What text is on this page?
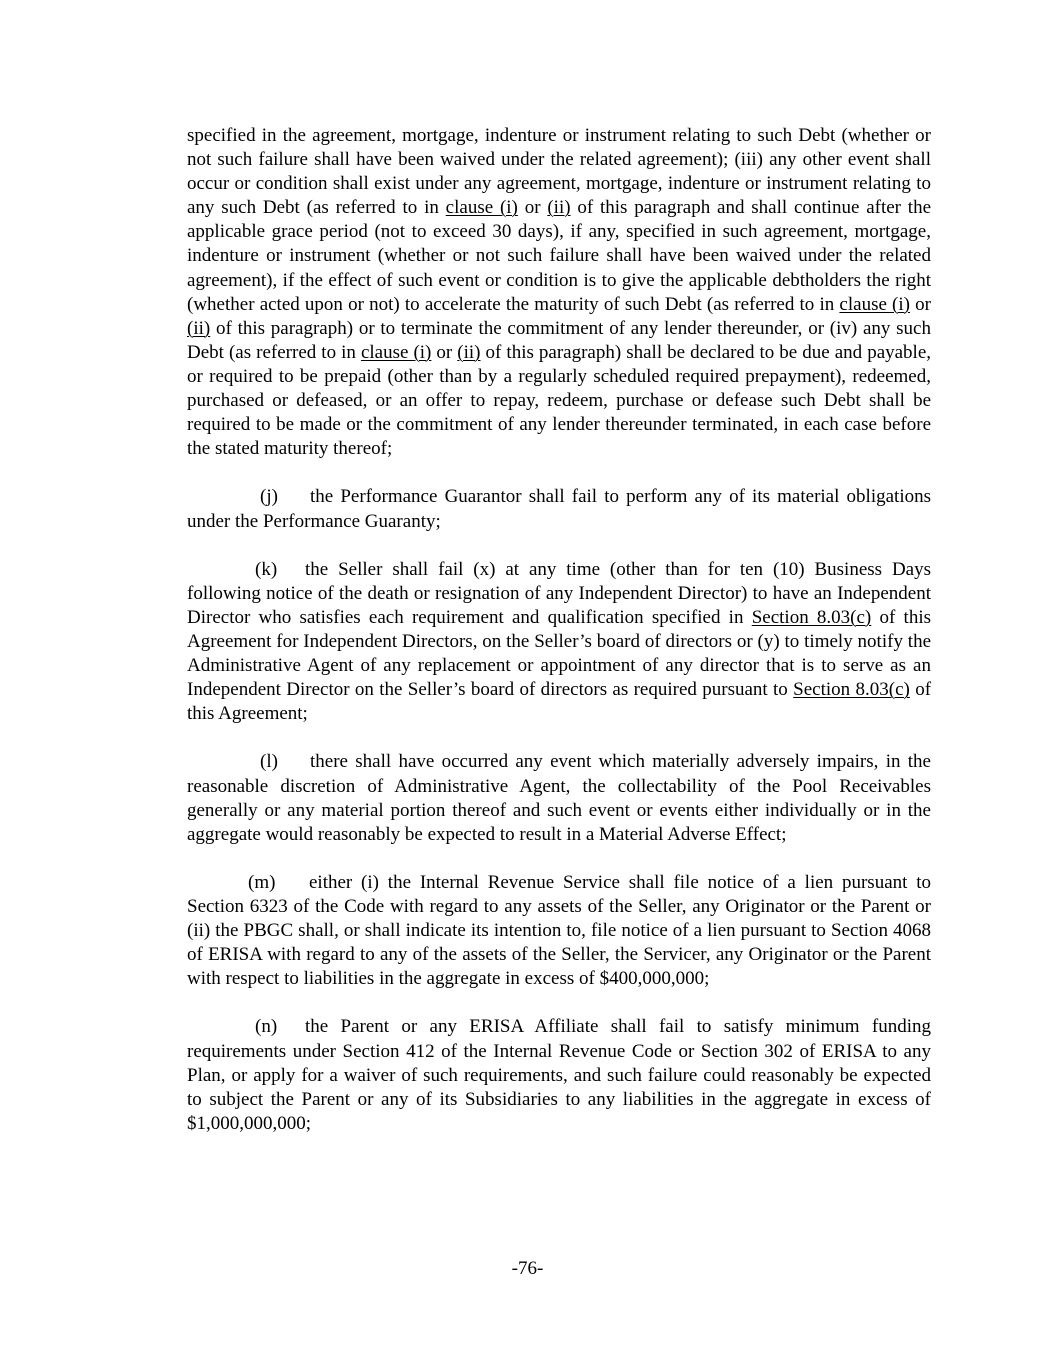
specified in the agreement, mortgage, indenture or instrument relating to such Debt (whether or not such failure shall have been waived under the related agreement); (iii) any other event shall occur or condition shall exist under any agreement, mortgage, indenture or instrument relating to any such Debt (as referred to in clause (i) or (ii) of this paragraph and shall continue after the applicable grace period (not to exceed 30 days), if any, specified in such agreement, mortgage, indenture or instrument (whether or not such failure shall have been waived under the related agreement), if the effect of such event or condition is to give the applicable debtholders the right (whether acted upon or not) to accelerate the maturity of such Debt (as referred to in clause (i) or (ii) of this paragraph) or to terminate the commitment of any lender thereunder, or (iv) any such Debt (as referred to in clause (i) or (ii) of this paragraph) shall be declared to be due and payable, or required to be prepaid (other than by a regularly scheduled required prepayment), redeemed, purchased or defeased, or an offer to repay, redeem, purchase or defease such Debt shall be required to be made or the commitment of any lender thereunder terminated, in each case before the stated maturity thereof;

(j) the Performance Guarantor shall fail to perform any of its material obligations under the Performance Guaranty;

(k) the Seller shall fail (x) at any time (other than for ten (10) Business Days following notice of the death or resignation of any Independent Director) to have an Independent Director who satisfies each requirement and qualification specified in Section 8.03(c) of this Agreement for Independent Directors, on the Seller’s board of directors or (y) to timely notify the Administrative Agent of any replacement or appointment of any director that is to serve as an Independent Director on the Seller’s board of directors as required pursuant to Section 8.03(c) of this Agreement;

(l) there shall have occurred any event which materially adversely impairs, in the reasonable discretion of Administrative Agent, the collectability of the Pool Receivables generally or any material portion thereof and such event or events either individually or in the aggregate would reasonably be expected to result in a Material Adverse Effect;

(m) either (i) the Internal Revenue Service shall file notice of a lien pursuant to Section 6323 of the Code with regard to any assets of the Seller, any Originator or the Parent or (ii) the PBGC shall, or shall indicate its intention to, file notice of a lien pursuant to Section 4068 of ERISA with regard to any of the assets of the Seller, the Servicer, any Originator or the Parent with respect to liabilities in the aggregate in excess of $400,000,000;

(n) the Parent or any ERISA Affiliate shall fail to satisfy minimum funding requirements under Section 412 of the Internal Revenue Code or Section 302 of ERISA to any Plan, or apply for a waiver of such requirements, and such failure could reasonably be expected to subject the Parent or any of its Subsidiaries to any liabilities in the aggregate in excess of $1,000,000,000;

-76-
